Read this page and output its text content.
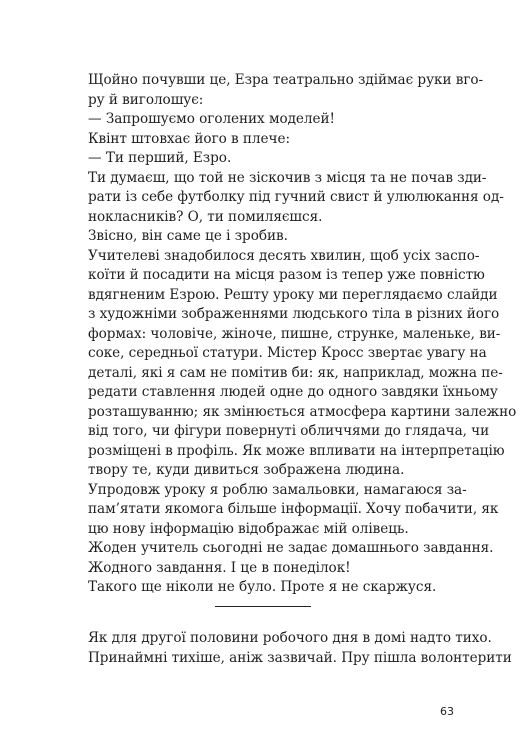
Щойно почувши це, Езра театрально здіймає руки вго-
ру й виголошує:
— Запрошуємо оголених моделей!
Квінт штовхає його в плече:
— Ти перший, Езро.
Ти думаєш, що той не зіскочив з місця та не почав зди-
рати із себе футболку під гучний свист й улюлюкання од-
нокласників? О, ти помиляєшся.
Звісно, він саме це і зробив.
Учителеві знадобилося десять хвилин, щоб усіх заспо-
коїти й посадити на місця разом із тепер уже повністю
вдягненим Езрою. Решту уроку ми переглядаємо слайди
з художніми зображеннями людського тіла в різних його
формах: чоловіче, жіноче, пишне, струнке, маленьке, ви-
соке, середньої статури. Містер Кросс звертає увагу на
деталі, які я сам не помітив би: як, наприклад, можна пе-
редати ставлення людей одне до одного завдяки їхньому
розташуванню; як змінюється атмосфера картини залежно
від того, чи фігури повернуті обличчями до глядача, чи
розміщені в профіль. Як може впливати на інтерпретацію
твору те, куди дивиться зображена людина.
Упродовж уроку я роблю замальовки, намагаюся за-
пам’ятати якомога більше інформації. Хочу побачити, як
цю нову інформацію відображає мій олівець.
Жоден учитель сьогодні не задає домашнього завдання.
Жодного завдання. І це в понеділок!
Такого ще ніколи не було. Проте я не скаржуся.
Як для другої половини робочого дня в домі надто тихо.
Принаймні тихіше, аніж зазвичай. Пру пішла волонтерити
63
